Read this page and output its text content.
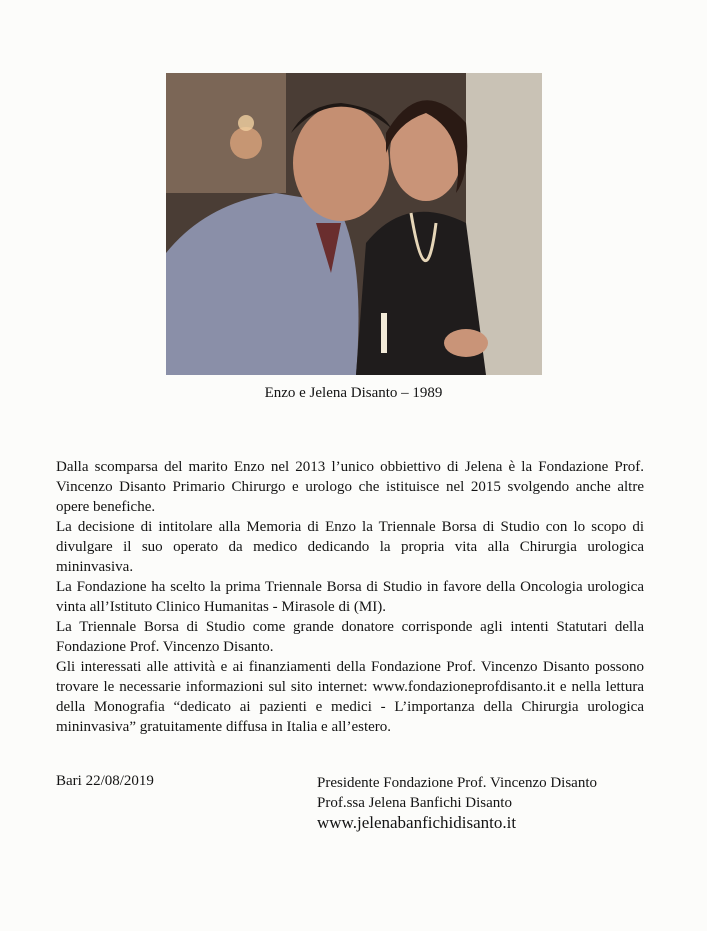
Enzo e Jelena Disanto – 1989

Dalla scomparsa del marito Enzo nel 2013 l’unico obbiettivo di Jelena è la Fondazione Prof. Vincenzo Disanto Primario Chirurgo e urologo che istituisce nel 2015 svolgendo anche altre opere benefiche.

La decisione di intitolare alla Memoria di Enzo la Triennale Borsa di Studio con lo scopo di divulgare il suo operato da medico dedicando la propria vita alla Chirurgia urologica mininvasiva.

La Fondazione ha scelto la prima Triennale Borsa di Studio in favore della Oncologia urologica vinta all’Istituto Clinico Humanitas - Mirasole di (MI).

La Triennale Borsa di Studio come grande donatore corrisponde agli intenti Statutari della Fondazione Prof. Vincenzo Disanto.

Gli interessati alle attività e ai finanziamenti della Fondazione Prof. Vincenzo Disanto possono trovare le necessarie informazioni sul sito internet: www.fondazioneprofdisanto.it e nella lettura della Monografia “dedicato ai pazienti e medici - L’importanza della Chirurgia urologica mininvasiva” gratuitamente diffusa in Italia e all’estero.

Bari 22/08/2019	Presidente Fondazione Prof. Vincenzo Disanto
Prof.ssa Jelena Banfichi Disanto
www.jelenabanfichidisanto.it
